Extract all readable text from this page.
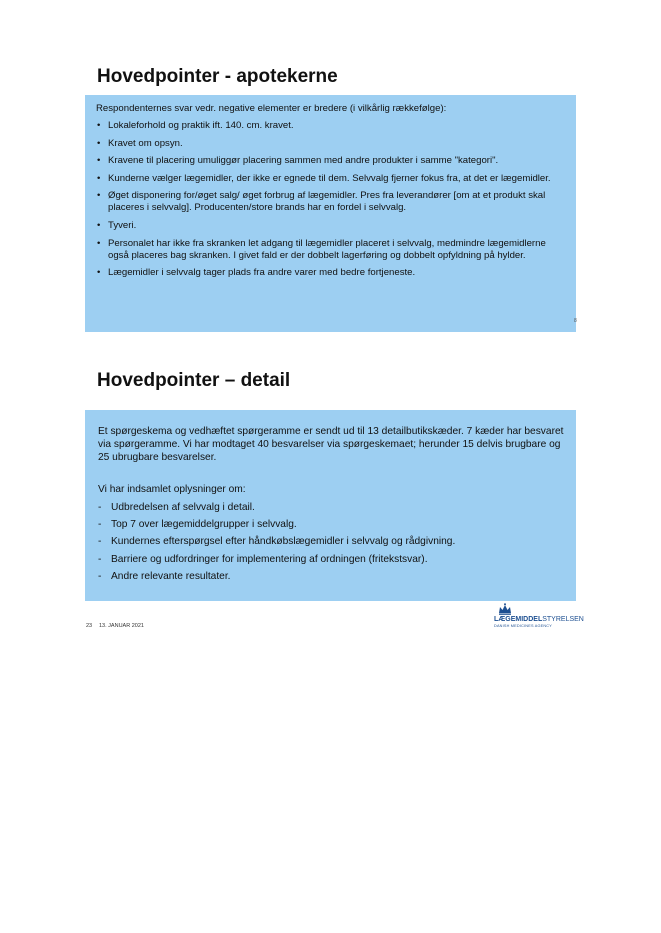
Hovedpointer - apotekerne

Respondenternes svar vedr. negative elementer er bredere (i vilkårlig rækkefølge):

• Lokaleforhold og praktik ift. 140. cm. kravet.
• Kravet om opsyn.
• Kravene til placering umuliggør placering sammen med andre produkter i samme "kategori".
• Kunderne vælger lægemidler, der ikke er egnede til dem. Selvvalg fjerner fokus fra, at det er lægemidler.
• Øget disponering for/øget salg/ øget forbrug af lægemidler. Pres fra leverandører [om at et produkt skal placeres i selvvalg]. Producenten/store brands har en fordel i selvvalg.
• Tyveri.
• Personalet har ikke fra skranken let adgang til lægemidler placeret i selvvalg, medmindre lægemidlerne også placeres bag skranken. I givet fald er der dobbelt lagerføring og dobbelt opfyldning på hylder.
• Lægemidler i selvvalg tager plads fra andre varer med bedre fortjeneste.
8
Hovedpointer – detail

Et spørgeskema og vedhæftet spørgeramme er sendt ud til 13 detailbutikskæder. 7 kæder har besvaret via spørgeramme. Vi har modtaget 40 besvarelser via spørgeskemaet; herunder 15 delvis brugbare og 25 ubrugbare besvarelser.

Vi har indsamlet oplysninger om:

- Udbredelsen af selvvalg i detail.
- Top 7 over lægemiddelgrupper i selvvalg.
- Kundernes efterspørgsel efter håndkøbslægemidler i selvvalg og rådgivning.
- Barriere og udfordringer for implementering af ordningen (fritekstsvar).
- Andre relevante resultater.
23 13. JANUAR 2021
LÆGEMIDDELSTYRELSEN
DANISH MEDICINES AGENCY
